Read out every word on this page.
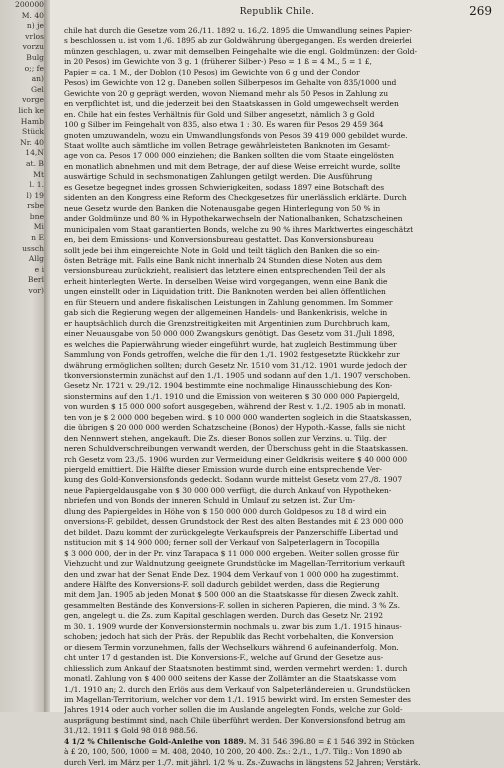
200000
M. 40
n) je
vrlos
vorzu
Bulg
o;; fe
an)
Gel
vorge
lich ke
Hamb
Stück
Nr. 40
14,N
at. B
Mt
l. 1.
l) 19
rsbe
bne
Mi
n E
ussch
Allg
e i
Berl
vor)
Republik Chile.	269
chile hat durch die Gesetze vom 26./11. 1892 u. 16./2. 1895 die Umwandlung seines Papier-
s beschlossen u. ist vom 1./6. 1895 ab zur Goldwährung übergegangen. Es werden dreierlei
münzen geschlagen, u. zwar mit demselben Feingehalte wie die engl. Goldmünzen: der Gold-
in 20 Pesos) im Gewichte von 3 g. 1 (früherer Silber-) Peso = 1 ß = 4 M., 5 = 1 £,
Papier = ca. 1 M., der Doblon (10 Pesos) im Gewichte von 6 g und der Condor
Pesos) im Gewichte von 12 g. Daneben sollen Silberpesos im Gehalte von 835/1000 und
Gewichte von 20 g geprägt werden, wovon Niemand mehr als 50 Pesos in Zahlung zu
en verpflichtet ist, und die jederzeit bei den Staatskassen in Gold umgewechselt werden
en. Chile hat ein festes Verhältnis für Gold und Silber angesetzt, nämlich 3 g Gold
100 g Silber im Feingehalt von 835, also etwa 1 : 30. Es waren für Pesos 29 459 364
gnoten umzuwandeln, wozu ein Umwandlungsfonds von Pesos 39 419 000 gebildet wurde.
Staat wollte auch sämtliche im vollen Betrage gewährleisteten Banknoten im Gesamt-
age von ca. Pesos 17 000 000 einziehen; die Banken sollten die vom Staate eingelösten
en monatlich abnehmen und mit dem Betrage, der auf diese Weise erreicht wurde, sollte
auswärtige Schuld in sechsmonatigen Zahlungen getilgt werden. Die Ausführung
es Gesetze begegnet indes grossen Schwierigkeiten, sodass 1897 eine Botschaft des
sidenten an den Kongress eine Reform des Checkgesetzes für unerlässlich erklärte. Durch
neue Gesetz wurde den Banken die Notenausgabe gegen Hinterlegung von 50 % in
ander Goldmünze und 80 % in Hypothekarwechseln der Nationalbanken, Schatzscheinen
municipalen vom Staat garantierten Bonds, welche zu 90 % ihres Marktwertes eingeschätzt
en, bei dem Emissions- und Konversionsbureau gestattet. Das Konversionsbureau
sollt jede bei ihm eingereichte Note in Gold und teilt täglich den Banken die so ein-
östen Beträge mit. Falls eine Bank nicht innerhalb 24 Stunden diese Noten aus dem
versionsbureau zurückzieht, realisiert das letztere einen entsprechenden Teil der als
erheit hinterlegten Werte. In derselben Weise wird vorgegangen, wenn eine Bank die
ungen einstellt oder in Liquidation tritt. Die Banknoten werden bei allen öffentlichen
en für Steuern und andere fiskalischen Leistungen in Zahlung genommen. Im Sommer
gab sich die Regierung wegen der allgemeinen Handels- und Bankenkrisis, welche in
er hauptsächlich durch die Grenzstreitigkeiten mit Argentinien zum Durchbruch kam,
einer Neuausgabe von 50 000 000 Zwangskurs genötigt. Das Gesetz vom 31./Juli 1898,
es welches die Papierwährung wieder eingeführt wurde, hat zugleich Bestimmung über
Sammlung von Fonds getroffen, welche die für den 1./1. 1902 festgesetzte Rückkehr zur
dwährung ermöglichen sollten; durch Gesetz Nr. 1510 vom 31./12. 1901 wurde jedoch der
tkonversionstermin zunächst auf den 1./1. 1905 und sodann auf den 1./1. 1907 verschoben.
Gesetz Nr. 1721 v. 29./12. 1904 bestimmte eine nochmalige Hinausschiebung des Kon-
sionstermins auf den 1./1. 1910 und die Emission von weiteren $ 30 000 000 Papiergeld,
von wurden $ 15 000 000 sofort ausgegeben, während der Rest v. 1./2. 1905 ab in monatl.
ten von je $ 2 000 000 begeben wird. $ 10 000 000 wanderten sogleich in die Staatskassen,
die übrigen $ 20 000 000 werden Schatzscheine (Bonos) der Hypoth.-Kasse, falls sie nicht
den Nennwert stehen, angekauft. Die Zs. dieser Bonos sollen zur Verzins. u. Tilg. der
neren Schuldverschreibungen verwandt werden, der Überschuss geht in die Staatskassen.
rch Gesetz vom 23./5. 1906 wurden zur Vermeidung einer Geldkrisis weitere $ 40 000 000
piergeld emittiert. Die Hälfte dieser Emission wurde durch eine entsprechende Ver-
kung des Gold-Konversionsfonds gedeckt. Sodann wurde mittelst Gesetz vom 27./8. 1907
neue Papiergeldausgabe von $ 30 000 000 verfügt, die durch Ankauf von Hypotheken-
nbriefen und von Bonds der inneren Schuld in Umlauf zu setzen ist. Zur Um-
dlung des Papiergeldes in Höhe von $ 150 000 000 durch Goldpesos zu 18 d wird ein
onversions-F. gebildet, dessen Grundstock der Rest des alten Bestandes mit £ 23 000 000
det bildet. Dazu kommt der zurückgelegte Verkaufspreis der Panzerschiffe Libertad und
nstitucion mit $ 14 900 000; ferner soll der Verkauf von Salpeterlagern in Tocopilla
$ 3 000 000, der in der Pr. vinz Tarapaca $ 11 000 000 ergeben. Weiter sollen grosse für
Viehzucht und zur Waldnutzung geeignete Grundstücke im Magellan-Territorium verkauft
den und zwar hat der Senat Ende Dez. 1904 dem Verkauf von 1 000 000 ha zugestimmt.
andere Hälfte des Konversions-F. soll dadurch gebildet werden, dass die Regierung
mit dem Jan. 1905 ab jeden Monat $ 500 000 an die Staatskasse für diesen Zweck zahlt.
gesammelten Bestände des Konversions-F. sollen in sicheren Papieren, die mind. 3 % Zs.
gen, angelegt u. die Zs. zum Kapital geschlagen werden. Durch das Gesetz Nr. 2192
m 30. 1. 1909 wurde der Konversionstermin nochmals u. zwar bis zum 1./1. 1915 hinaus-
schoben; jedoch hat sich der Präs. der Republik das Recht vorbehalten, die Konversion
or diesem Termin vorzunehmen, falls der Wechselkurs während 6 aufeinanderfolg. Mon.
cht unter 17 d gestanden ist. Die Konversions-F., welche auf Grund der Gesetze aus-
chliesslich zum Ankauf der Staatsnoten bestimmt sind, werden vermehrt werden: 1. durch
monatl. Zahlung von $ 400 000 seitens der Kasse der Zollämter an die Staatskasse vom
1./1. 1910 an; 2. durch den Erlös aus dem Verkauf von Salpeterländereien u. Grundstücken
im Magellan-Territorium, welcher vor dem 1./1. 1915 bewirkt wird. Im ersten Semester des
Jahres 1914 oder auch vorher sollen die im Auslande angelegten Fonds, welche zur Gold-
ausprägung bestimmt sind, nach Chile überführt werden. Der Konversionsfond betrug am
31./12. 1911 $ Gold 98 018 988.56.
4 1/2 % Chilenische Gold-Anleihe von 1889. M. 31 546 396.80 = £ 1 546 392 in Stücken
à £ 20, 100, 500, 1000 = M. 408, 2040, 10 200, 20 400. Zs.: 2./1., 1./7. Tilg.: Von 1890 ab
durch Verl. im März per 1./7. mit jährl. 1/2 % u. Zs.-Zuwachs in längstens 52 Jahren; Verstärk.
